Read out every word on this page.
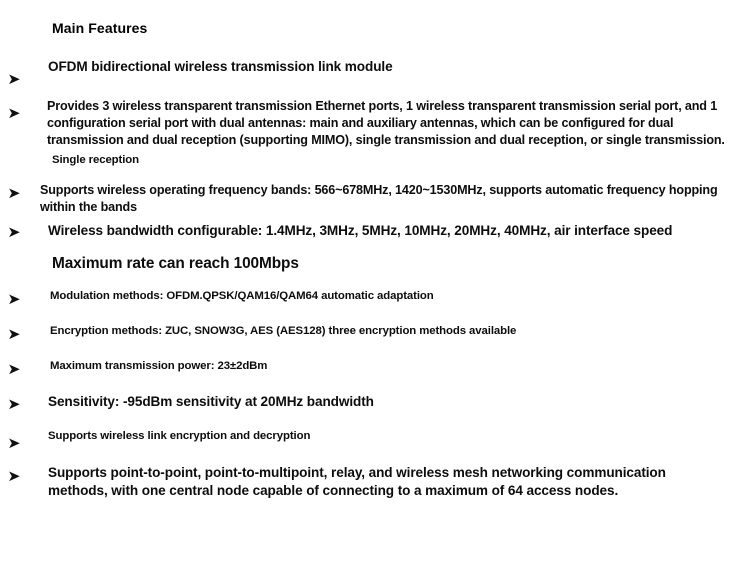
Main Features
➤
OFDM bidirectional wireless transmission link module
➤	Provides 3 wireless transparent transmission Ethernet ports, 1 wireless transparent transmission serial port, and 1 configuration serial port with dual antennas: main and auxiliary antennas, which can be configured for dual transmission and dual reception (supporting MIMO), single transmission and dual reception, or single transmission.
Single reception
➤	Supports wireless operating frequency bands: 566~678MHz, 1420~1530MHz, supports automatic frequency hopping within the bands
➤	Wireless bandwidth configurable: 1.4MHz, 3MHz, 5MHz, 10MHz, 20MHz, 40MHz, air interface speed
Maximum rate can reach 100Mbps
➤	Modulation methods: OFDM.QPSK/QAM16/QAM64 automatic adaptation
➤	Encryption methods: ZUC, SNOW3G, AES (AES128) three encryption methods available
➤	Maximum transmission power: 23±2dBm
➤	Sensitivity: -95dBm sensitivity at 20MHz bandwidth
➤	Supports wireless link encryption and decryption
➤	Supports point-to-point, point-to-multipoint, relay, and wireless mesh networking communication methods, with one central node capable of connecting to a maximum of 64 access nodes.
